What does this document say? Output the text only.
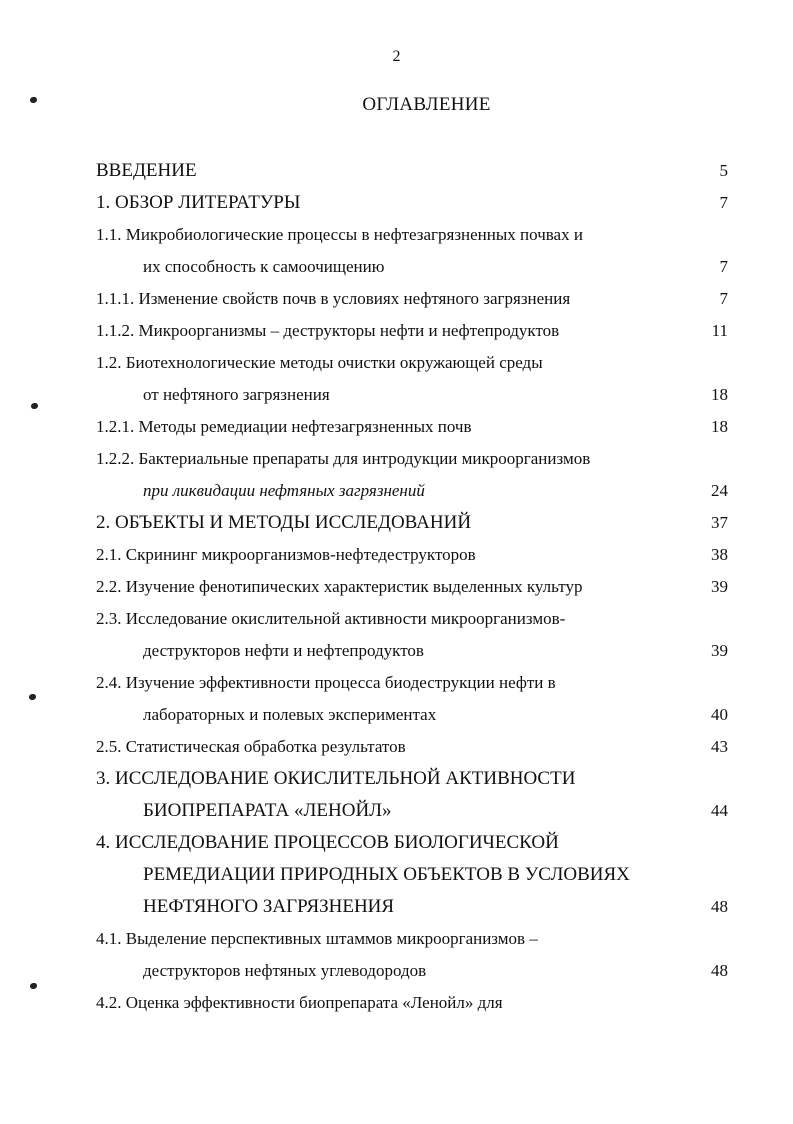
2
ОГЛАВЛЕНИЕ
ВВЕДЕНИЕ	5
1. ОБЗОР ЛИТЕРАТУРЫ	7
1.1. Микробиологические процессы в нефтезагрязненных почвах и
их способность к самоочищению	7
1.1.1. Изменение свойств почв в условиях нефтяного загрязнения	7
1.1.2. Микроорганизмы – деструкторы нефти и нефтепродуктов	11
1.2. Биотехнологические методы очистки окружающей среды
от нефтяного загрязнения	18
1.2.1. Методы ремедиации нефтезагрязненных почв	18
1.2.2. Бактериальные препараты для интродукции микроорганизмов
при ликвидации нефтяных загрязнений	24
2. ОБЪЕКТЫ И МЕТОДЫ ИССЛЕДОВАНИЙ	37
2.1. Скрининг микроорганизмов-нефтедеструкторов	38
2.2. Изучение фенотипических характеристик выделенных культур	39
2.3. Исследование окислительной активности микроорганизмов-
деструкторов нефти и нефтепродуктов	39
2.4. Изучение эффективности процесса биодеструкции нефти в
лабораторных и полевых экспериментах	40
2.5. Статистическая обработка результатов	43
3. ИССЛЕДОВАНИЕ ОКИСЛИТЕЛЬНОЙ АКТИВНОСТИ
БИОПРЕПАРАТА «ЛЕНОЙЛ»	44
4. ИССЛЕДОВАНИЕ ПРОЦЕССОВ БИОЛОГИЧЕСКОЙ
РЕМЕДИАЦИИ ПРИРОДНЫХ ОБЪЕКТОВ В УСЛОВИЯХ
НЕФТЯНОГО ЗАГРЯЗНЕНИЯ	48
4.1. Выделение перспективных штаммов микроорганизмов –
деструкторов нефтяных углеводородов	48
4.2. Оценка эффективности биопрепарата «Ленойл» для
